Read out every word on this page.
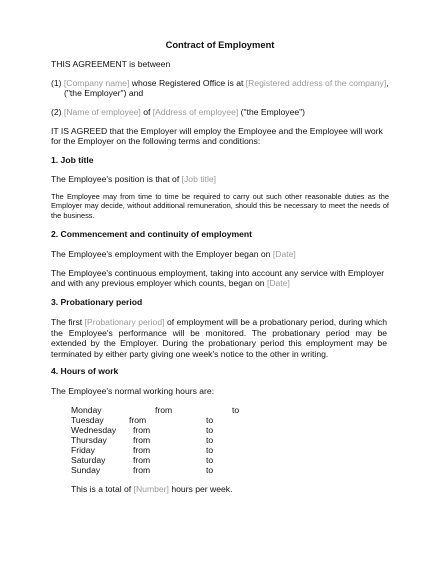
Contract of Employment
THIS AGREEMENT is between
(1) [Company name] whose Registered Office is at [Registered address of the company],
("the Employer") and
(2) [Name of employee] of [Address of employee] ("the Employee")
IT IS AGREED that the Employer will employ the Employee and the Employee will work
for the Employer on the following terms and conditions:
1. Job title
The Employee's position is that of [Job title]
The Employee may from time to time be required to carry out such other reasonable duties as the Employer may decide, without additional remuneration, should this be necessary to meet the needs of the business.
2. Commencement and continuity of employment
The Employee's employment with the Employer began on [Date]
The Employee's continuous employment, taking into account any service with Employer
and with any previous employer which counts, began on [Date]
3. Probationary period
The first [Probationary period] of employment will be a probationary period, during which the Employee's performance will be monitored. The probationary period may be extended by the Employer. During the probationary period this employment may be terminated by either party giving one week's notice to the other in writing.
4. Hours of work
The Employee's normal working hours are:
Monday	from	to
Tuesday	from	to
Wednesday from	to
Thursday	from	to
Friday	from	to
Saturday	from	to
Sunday	from	to
This is a total of [Number] hours per week.
